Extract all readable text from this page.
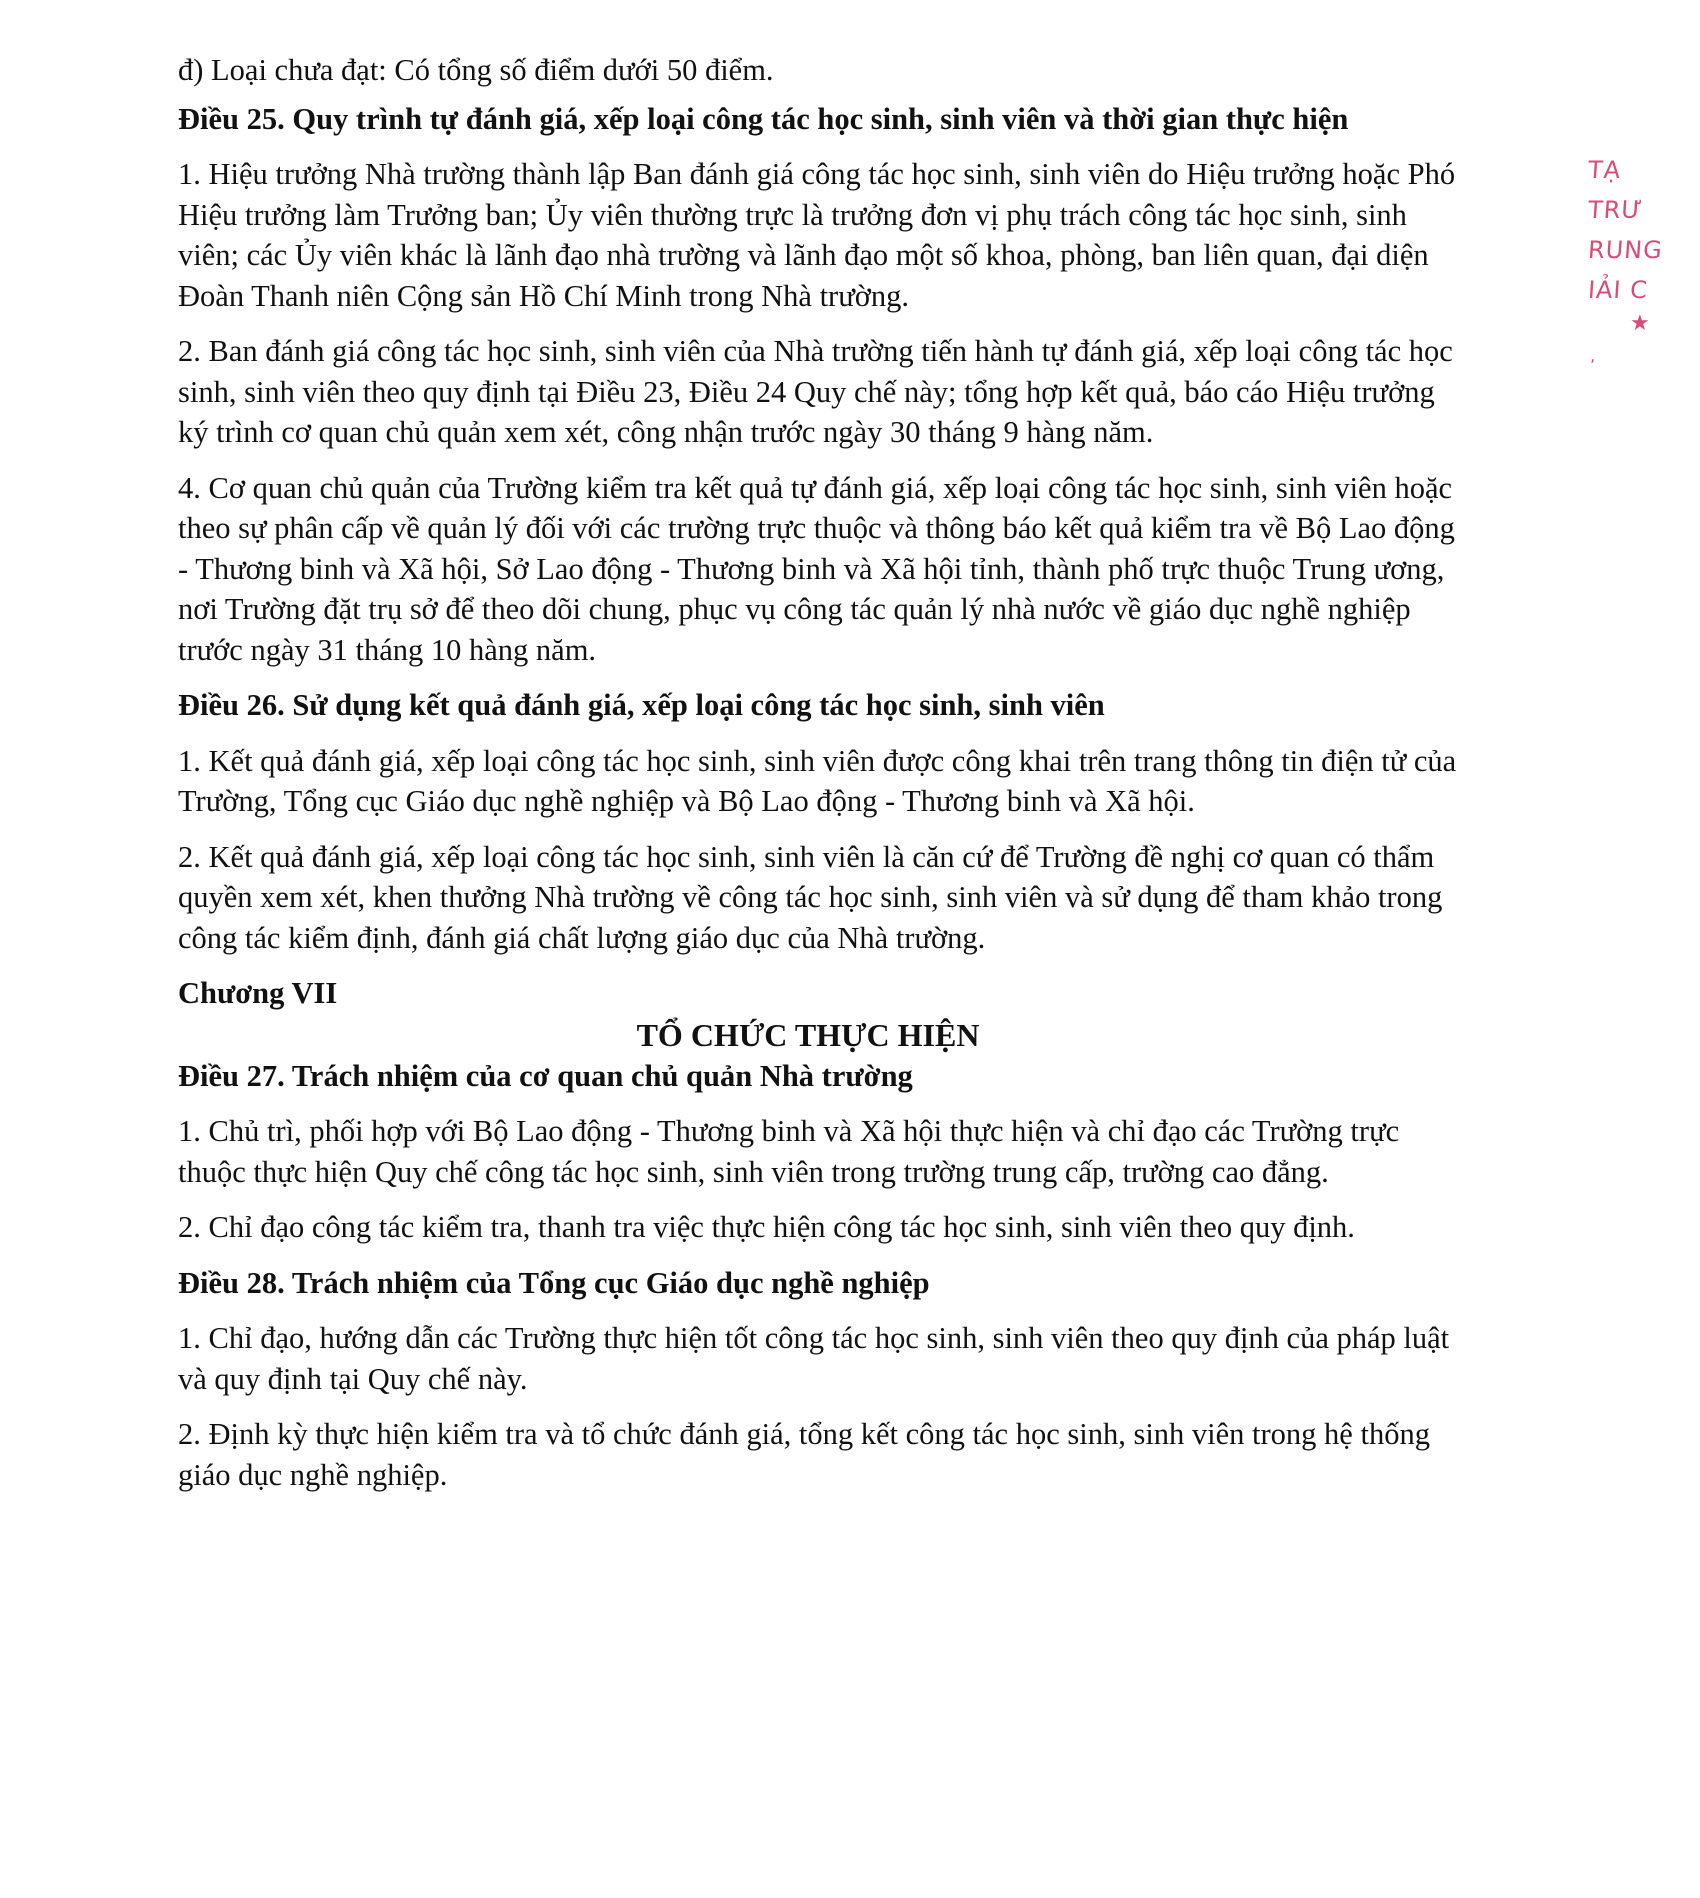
đ) Loại chưa đạt: Có tổng số điểm dưới 50 điểm.

Điều 25. Quy trình tự đánh giá, xếp loại công tác học sinh, sinh viên và thời gian thực hiện

1. Hiệu trưởng Nhà trường thành lập Ban đánh giá công tác học sinh, sinh viên do Hiệu trưởng hoặc Phó Hiệu trưởng làm Trưởng ban; Ủy viên thường trực là trưởng đơn vị phụ trách công tác học sinh, sinh viên; các Ủy viên khác là lãnh đạo nhà trường và lãnh đạo một số khoa, phòng, ban liên quan, đại diện Đoàn Thanh niên Cộng sản Hồ Chí Minh trong Nhà trường.

2. Ban đánh giá công tác học sinh, sinh viên của Nhà trường tiến hành tự đánh giá, xếp loại công tác học sinh, sinh viên theo quy định tại Điều 23, Điều 24 Quy chế này; tổng hợp kết quả, báo cáo Hiệu trưởng ký trình cơ quan chủ quản xem xét, công nhận trước ngày 30 tháng 9 hàng năm.

4. Cơ quan chủ quản của Trường kiểm tra kết quả tự đánh giá, xếp loại công tác học sinh, sinh viên hoặc theo sự phân cấp về quản lý đối với các trường trực thuộc và thông báo kết quả kiểm tra về Bộ Lao động - Thương binh và Xã hội, Sở Lao động - Thương binh và Xã hội tỉnh, thành phố trực thuộc Trung ương, nơi Trường đặt trụ sở để theo dõi chung, phục vụ công tác quản lý nhà nước về giáo dục nghề nghiệp trước ngày 31 tháng 10 hàng năm.

Điều 26. Sử dụng kết quả đánh giá, xếp loại công tác học sinh, sinh viên

1. Kết quả đánh giá, xếp loại công tác học sinh, sinh viên được công khai trên trang thông tin điện tử của Trường, Tổng cục Giáo dục nghề nghiệp và Bộ Lao động - Thương binh và Xã hội.

2. Kết quả đánh giá, xếp loại công tác học sinh, sinh viên là căn cứ để Trường đề nghị cơ quan có thẩm quyền xem xét, khen thưởng Nhà trường về công tác học sinh, sinh viên và sử dụng để tham khảo trong công tác kiểm định, đánh giá chất lượng giáo dục của Nhà trường.

Chương VII

TỔ CHỨC THỰC HIỆN

Điều 27. Trách nhiệm của cơ quan chủ quản Nhà trường

1. Chủ trì, phối hợp với Bộ Lao động - Thương binh và Xã hội thực hiện và chỉ đạo các Trường trực thuộc thực hiện Quy chế công tác học sinh, sinh viên trong trường trung cấp, trường cao đẳng.

2. Chỉ đạo công tác kiểm tra, thanh tra việc thực hiện công tác học sinh, sinh viên theo quy định.

Điều 28. Trách nhiệm của Tổng cục Giáo dục nghề nghiệp

1. Chỉ đạo, hướng dẫn các Trường thực hiện tốt công tác học sinh, sinh viên theo quy định của pháp luật và quy định tại Quy chế này.

2. Định kỳ thực hiện kiểm tra và tổ chức đánh giá, tổng kết công tác học sinh, sinh viên trong hệ thống giáo dục nghề nghiệp.

TẠ
TRƯ
RUNG
IẢI C
★
ʼ
